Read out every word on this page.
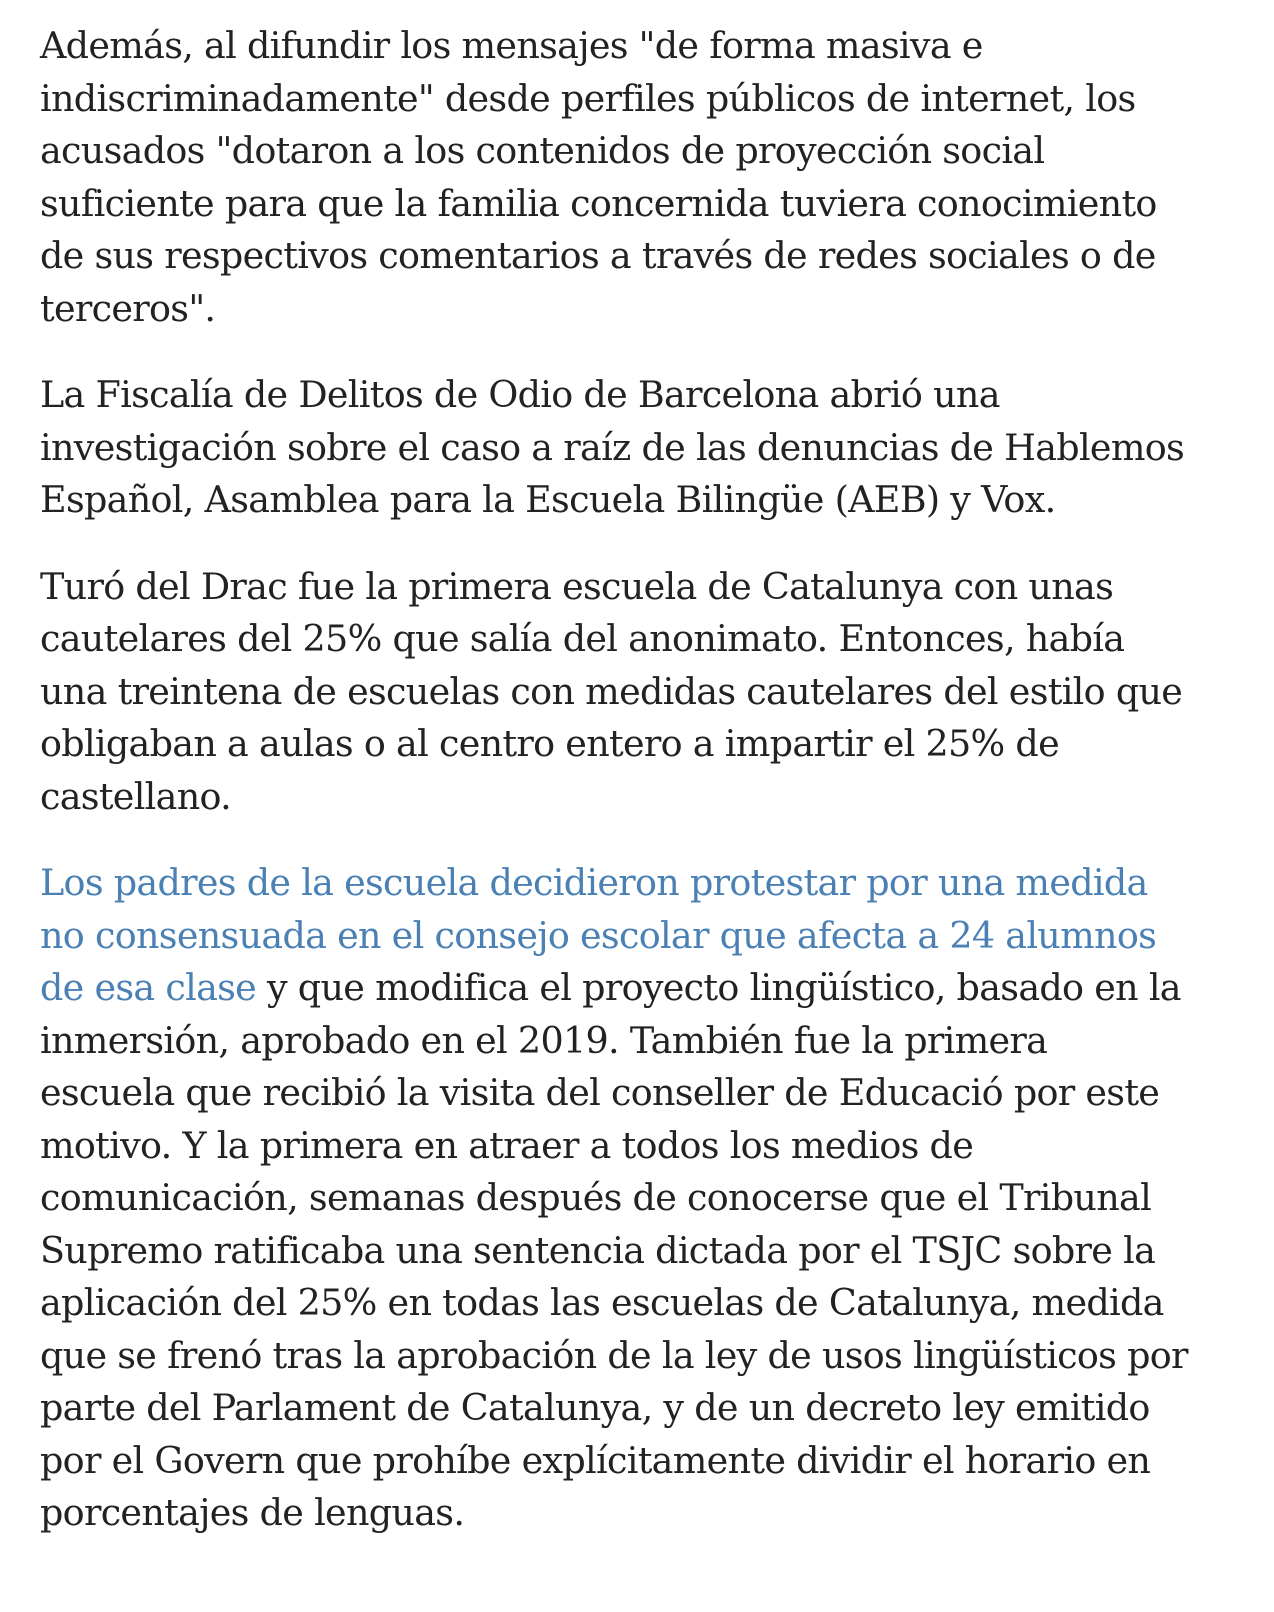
Además, al difundir los mensajes "de forma masiva e indiscriminadamente" desde perfiles públicos de internet, los acusados "dotaron a los contenidos de proyección social suficiente para que la familia concernida tuviera conocimiento de sus respectivos comentarios a través de redes sociales o de terceros".

La Fiscalía de Delitos de Odio de Barcelona abrió una investigación sobre el caso a raíz de las denuncias de Hablemos Español, Asamblea para la Escuela Bilingüe (AEB) y Vox.

Turó del Drac fue la primera escuela de Catalunya con unas cautelares del 25% que salía del anonimato. Entonces, había una treintena de escuelas con medidas cautelares del estilo que obligaban a aulas o al centro entero a impartir el 25% de castellano.

Los padres de la escuela decidieron protestar por una medida no consensuada en el consejo escolar que afecta a 24 alumnos de esa clase y que modifica el proyecto lingüístico, basado en la inmersión, aprobado en el 2019. También fue la primera escuela que recibió la visita del conseller de Educació por este motivo. Y la primera en atraer a todos los medios de comunicación, semanas después de conocerse que el Tribunal Supremo ratificaba una sentencia dictada por el TSJC sobre la aplicación del 25% en todas las escuelas de Catalunya, medida que se frenó tras la aprobación de la ley de usos lingüísticos por parte del Parlament de Catalunya, y de un decreto ley emitido por el Govern que prohíbe explícitamente dividir el horario en porcentajes de lenguas.
